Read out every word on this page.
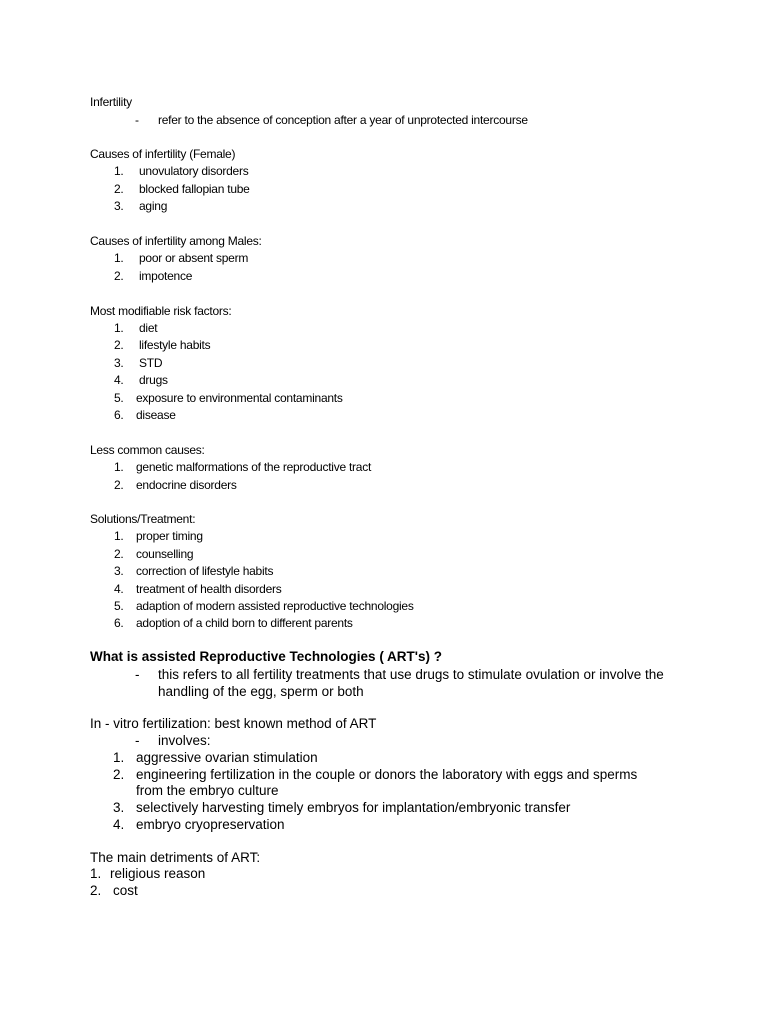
Infertility
- refer to the absence of conception after a year of unprotected intercourse
Causes of infertility (Female)
1. unovulatory disorders
2. blocked fallopian tube
3. aging
Causes of infertility among Males:
1. poor or absent sperm
2. impotence
Most modifiable risk factors:
1. diet
2. lifestyle habits
3. STD
4. drugs
5. exposure to environmental contaminants
6. disease
Less common causes:
1. genetic malformations of the reproductive tract
2. endocrine disorders
Solutions/Treatment:
1. proper timing
2. counselling
3. correction of lifestyle habits
4. treatment of health disorders
5. adaption of modern assisted reproductive technologies
6. adoption of a child born to different parents
What is assisted Reproductive Technologies ( ART's) ?
- this refers to all fertility treatments that use drugs to stimulate ovulation or involve the
handling of the egg, sperm or both
In - vitro fertilization: best known method of ART
- involves:
1. aggressive ovarian stimulation
2. engineering fertilization in the couple or donors the laboratory with eggs and sperms
from the embryo culture
3. selectively harvesting timely embryos for implantation/embryonic transfer
4. embryo cryopreservation
The main detriments of ART:
1. religious reason
2. cost
